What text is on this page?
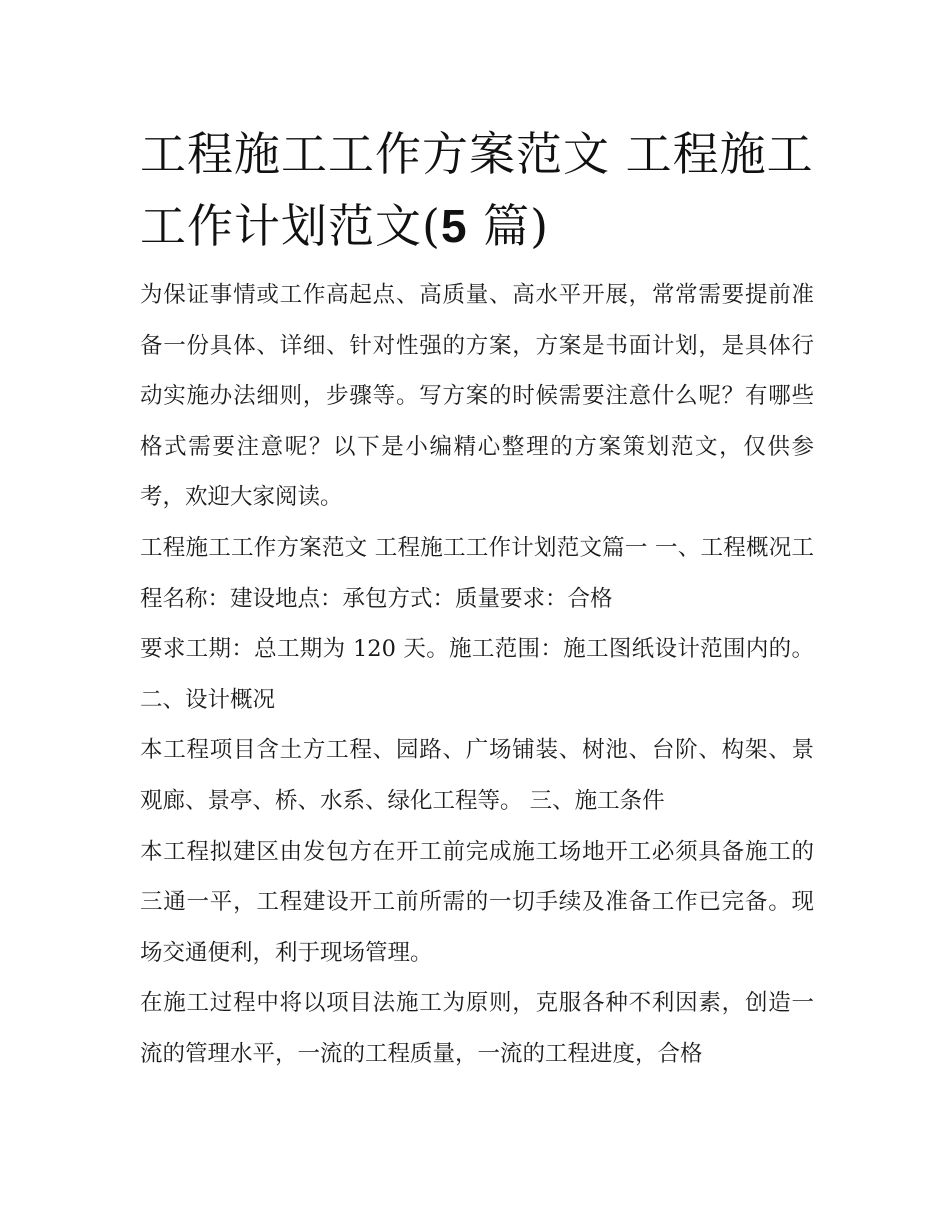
工程施工工作方案范文 工程施工工作计划范文(5 篇)

为保证事情或工作高起点、高质量、高水平开展，常常需要提前准备一份具体、详细、针对性强的方案，方案是书面计划，是具体行动实施办法细则，步骤等。写方案的时候需要注意什么呢？有哪些格式需要注意呢？以下是小编精心整理的方案策划范文，仅供参考，欢迎大家阅读。

工程施工工作方案范文 工程施工工作计划范文篇一 一、工程概况工程名称：建设地点：承包方式：质量要求：合格

要求工期：总工期为 120 天。施工范围：施工图纸设计范围内的。 二、设计概况

本工程项目含土方工程、园路、广场铺装、树池、台阶、构架、景观廊、景亭、桥、水系、绿化工程等。 三、施工条件

本工程拟建区由发包方在开工前完成施工场地开工必须具备施工的三通一平，工程建设开工前所需的一切手续及准备工作已完备。现场交通便利，利于现场管理。

在施工过程中将以项目法施工为原则，克服各种不利因素，创造一流的管理水平，一流的工程质量，一流的工程进度，合格
